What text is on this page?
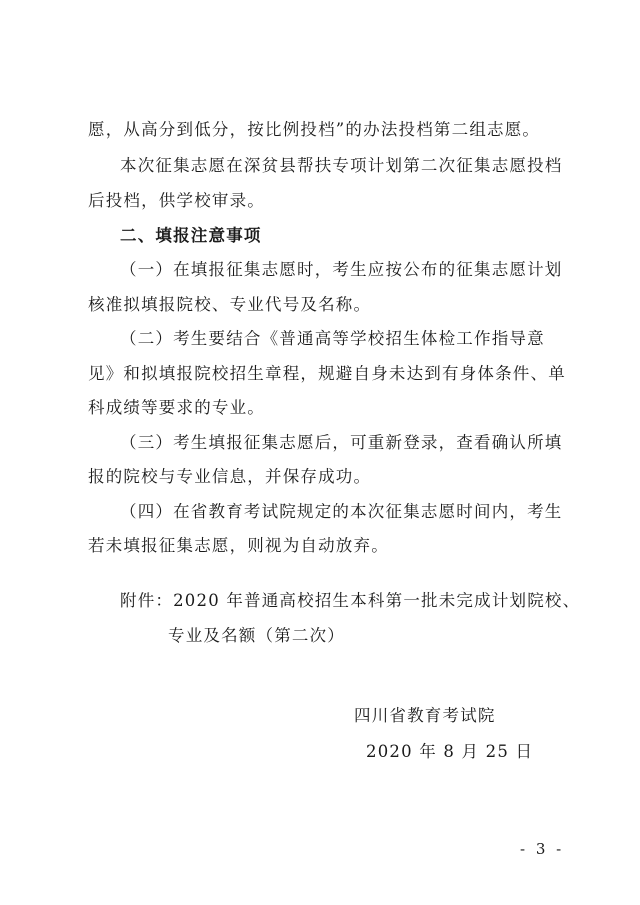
愿，从高分到低分，按比例投档”的办法投档第二组志愿。
本次征集志愿在深贫县帮扶专项计划第二次征集志愿投档
后投档，供学校审录。
二、填报注意事项
（一）在填报征集志愿时，考生应按公布的征集志愿计划
核准拟填报院校、专业代号及名称。
（二）考生要结合《普通高等学校招生体检工作指导意
见》和拟填报院校招生章程，规避自身未达到有身体条件、单
科成绩等要求的专业。
（三）考生填报征集志愿后，可重新登录，查看确认所填
报的院校与专业信息，并保存成功。
（四）在省教育考试院规定的本次征集志愿时间内，考生
若未填报征集志愿，则视为自动放弃。
附件：2020 年普通高校招生本科第一批未完成计划院校、
专业及名额（第二次）
四川省教育考试院
2020 年 8 月 25 日
- 3 -
